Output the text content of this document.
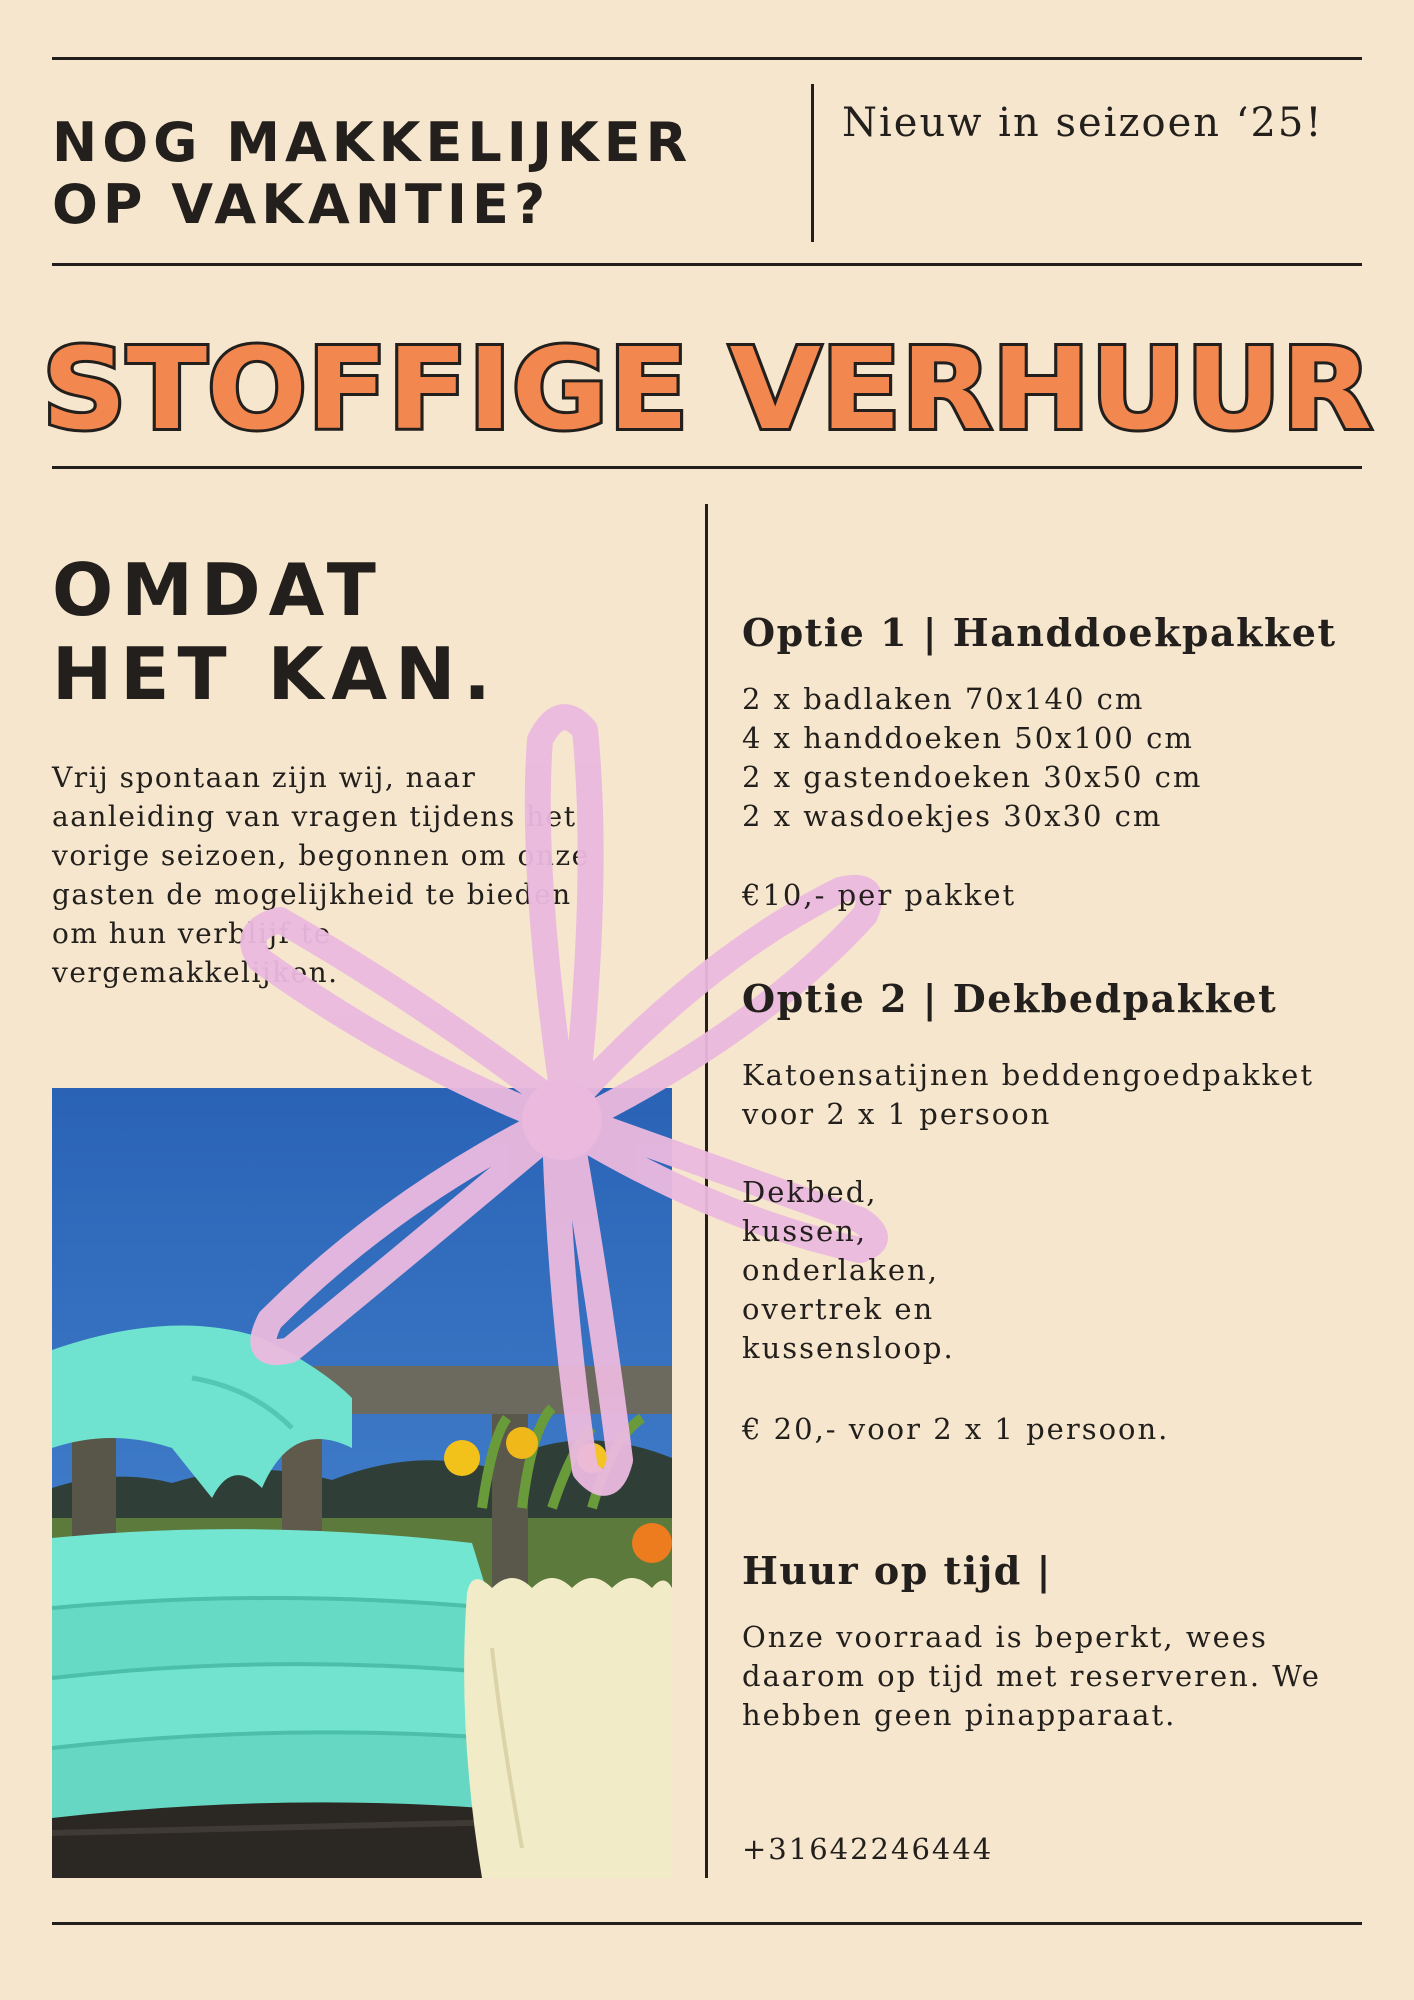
NOG MAKKELIJKER
OP VAKANTIE?
Nieuw in seizoen ‘25!
STOFFIGE VERHUUR
OMDAT
HET KAN.
Vrij spontaan zijn wij, naar aanleiding van vragen tijdens het vorige seizoen, begonnen om onze gasten de mogelijkheid te bieden om hun verblijf te vergemakkelijken.
Optie 1 | Handdoekpakket
2 x badlaken 70x140 cm
4 x handdoeken 50x100 cm
2 x gastendoeken 30x50 cm
2 x wasdoekjes 30x30 cm
€10,- per pakket
Optie 2 | Dekbedpakket
Katoensatijnen beddengoedpakket voor 2 x 1 persoon
Dekbed,
kussen,
onderlaken,
overtrek en
kussensloop.
€ 20,- voor 2 x 1 persoon.
Huur op tijd |
Onze voorraad is beperkt, wees daarom op tijd met reserveren. We hebben geen pinapparaat.
+31642246444
